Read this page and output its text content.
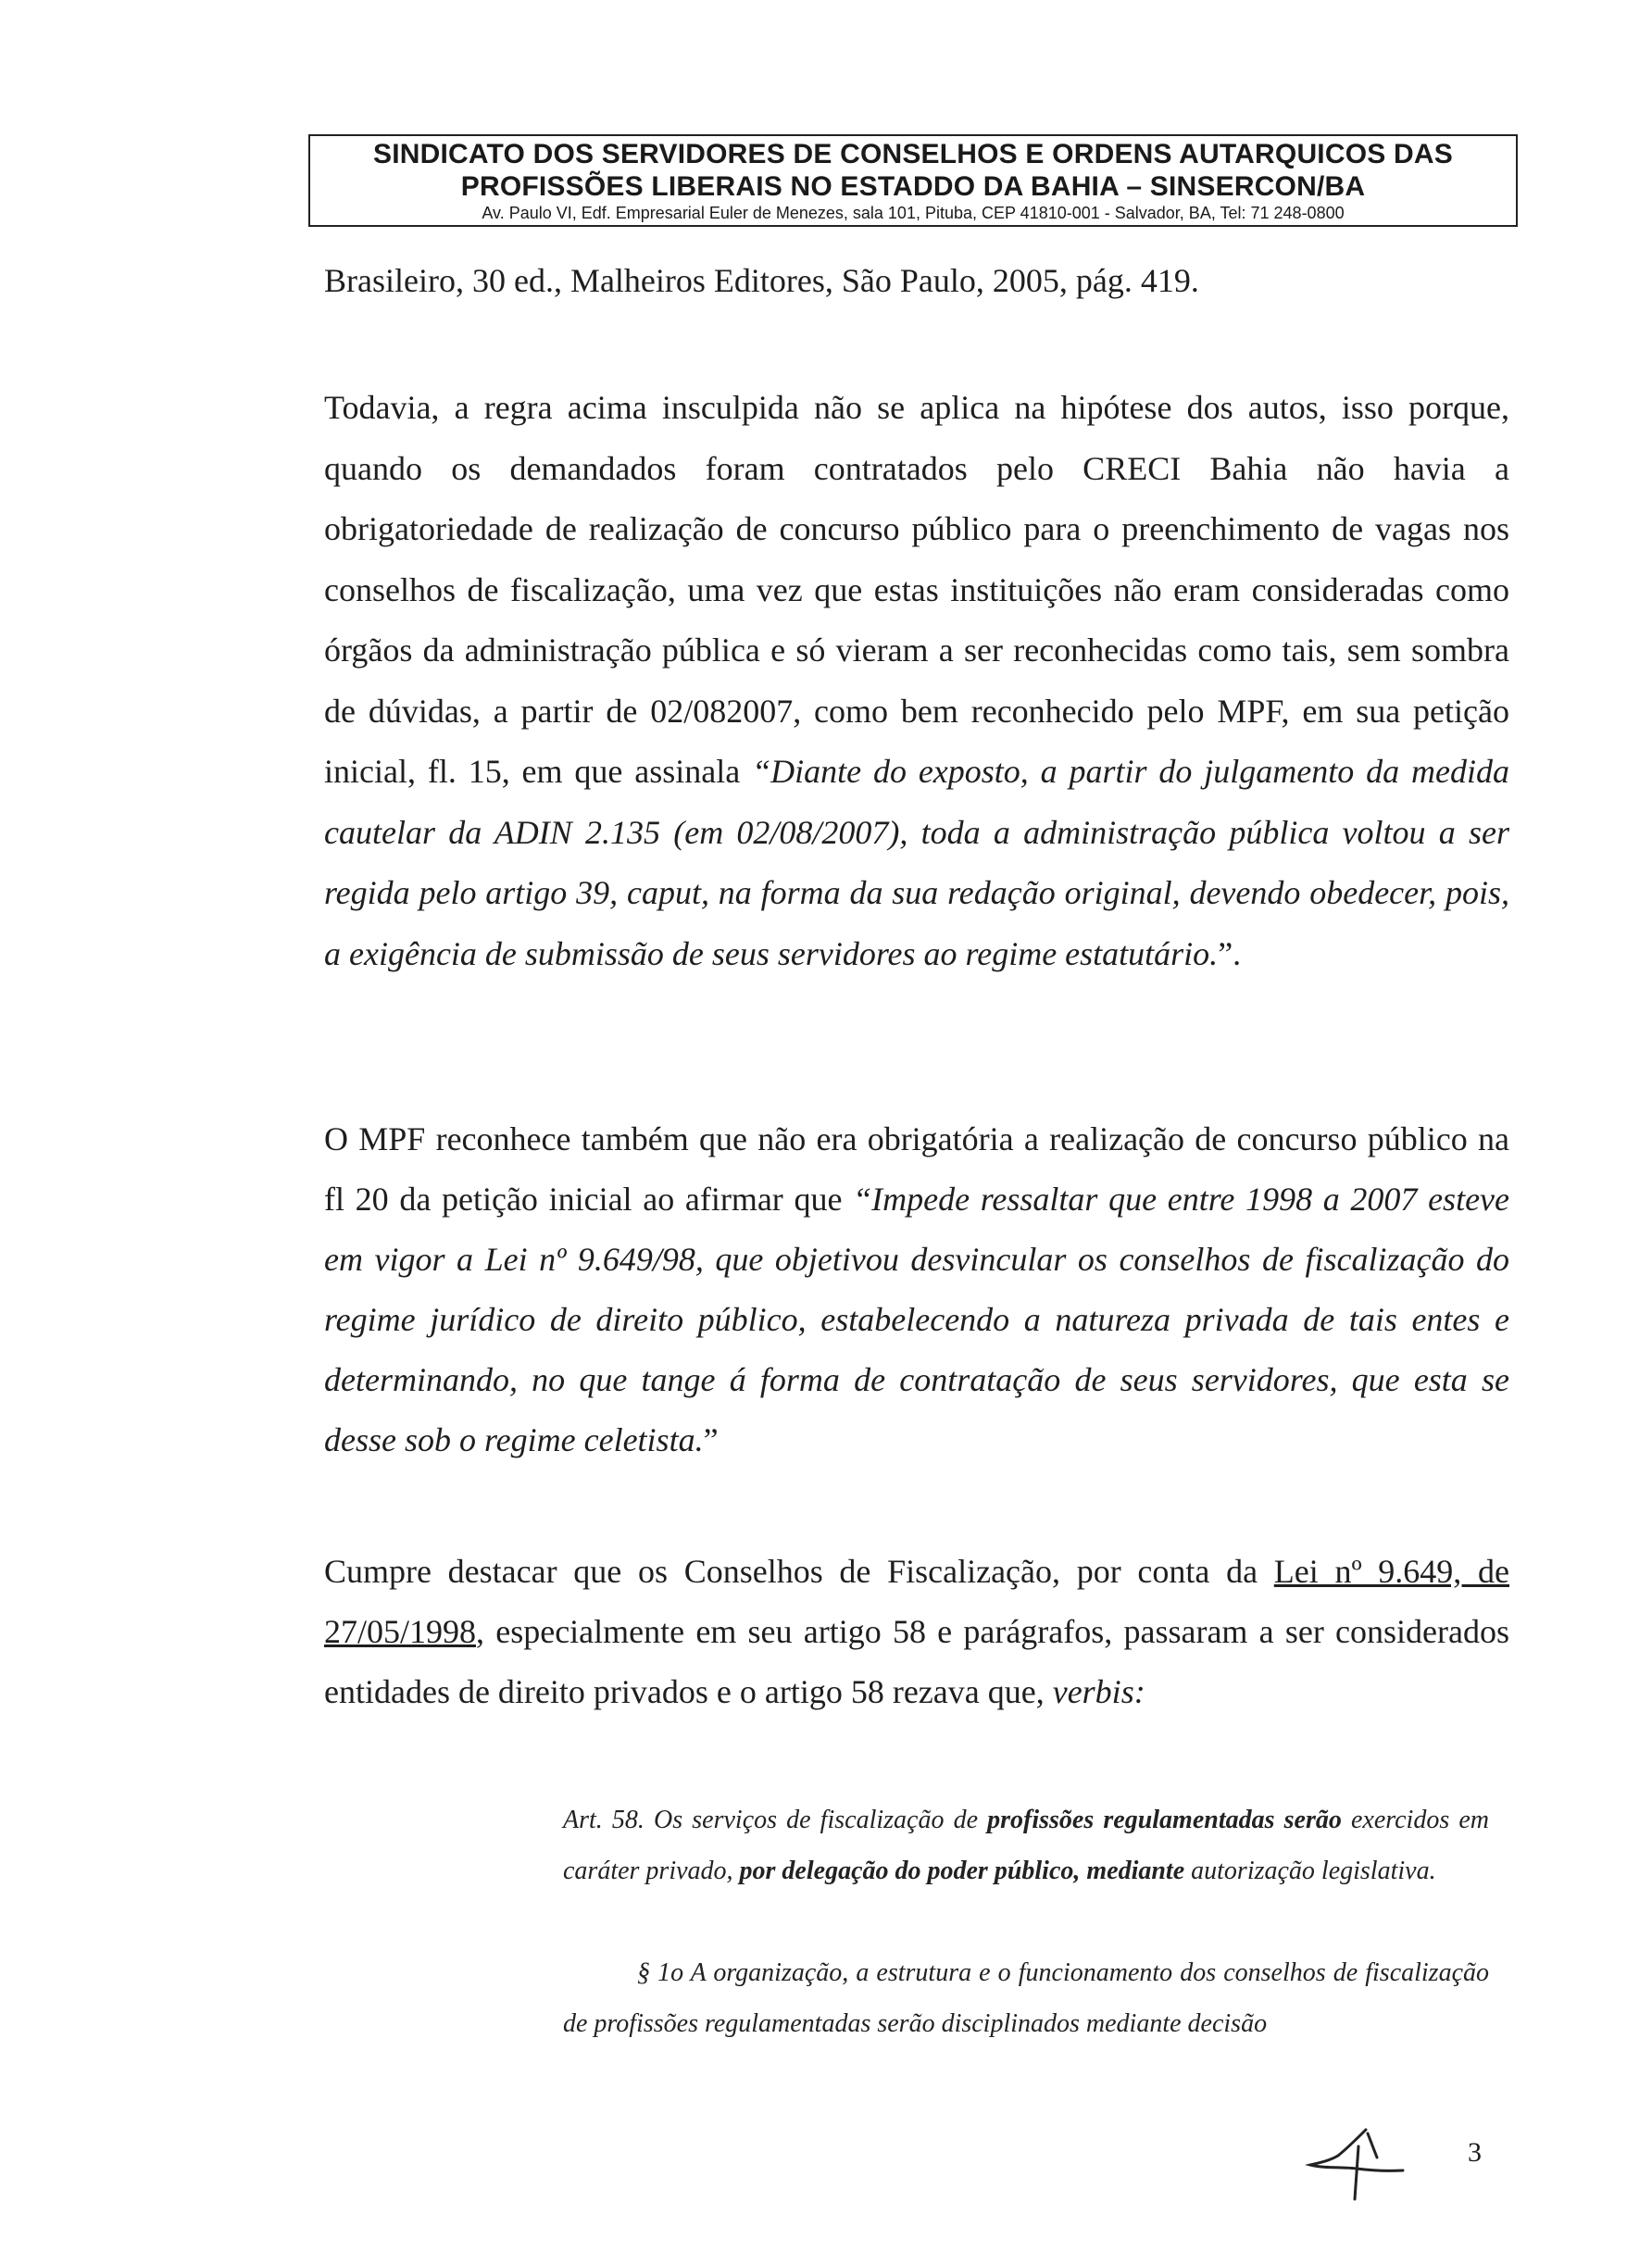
SINDICATO DOS SERVIDORES DE CONSELHOS E ORDENS AUTARQUICOS DAS
PROFISSÕES LIBERAIS NO ESTADDO DA BAHIA – SINSERCON/BA
Av. Paulo VI, Edf. Empresarial Euler de Menezes, sala 101, Pituba, CEP 41810-001 - Salvador, BA, Tel: 71 248-0800

Brasileiro, 30 ed., Malheiros Editores, São Paulo, 2005, pág. 419.

Todavia, a regra acima insculpida não se aplica na hipótese dos autos, isso porque, quando os demandados foram contratados pelo CRECI Bahia não havia a obrigatoriedade de realização de concurso público para o preenchimento de vagas nos conselhos de fiscalização, uma vez que estas instituições não eram consideradas como órgãos da administração pública e só vieram a ser reconhecidas como tais, sem sombra de dúvidas, a partir de 02/082007, como bem reconhecido pelo MPF, em sua petição inicial, fl. 15, em que assinala “Diante do exposto, a partir do julgamento da medida cautelar da ADIN 2.135 (em 02/08/2007), toda a administração pública voltou a ser regida pelo artigo 39, caput, na forma da sua redação original, devendo obedecer, pois, a exigência de submissão de seus servidores ao regime estatutário.”.

O MPF reconhece também que não era obrigatória a realização de concurso público na fl 20 da petição inicial ao afirmar que “Impede ressaltar que entre 1998 a 2007 esteve em vigor a Lei nº 9.649/98, que objetivou desvincular os conselhos de fiscalização do regime jurídico de direito público, estabelecendo a natureza privada de tais entes e determinando, no que tange á forma de contratação de seus servidores, que esta se desse sob o regime celetista.”

Cumpre destacar que os Conselhos de Fiscalização, por conta da Lei nº 9.649, de 27/05/1998, especialmente em seu artigo 58 e parágrafos, passaram a ser considerados entidades de direito privados e o artigo 58 rezava que, verbis:

Art. 58. Os serviços de fiscalização de profissões regulamentadas serão exercidos em caráter privado, por delegação do poder público, mediante autorização legislativa.

§ 1o A organização, a estrutura e o funcionamento dos conselhos de fiscalização de profissões regulamentadas serão disciplinados mediante decisão

3
